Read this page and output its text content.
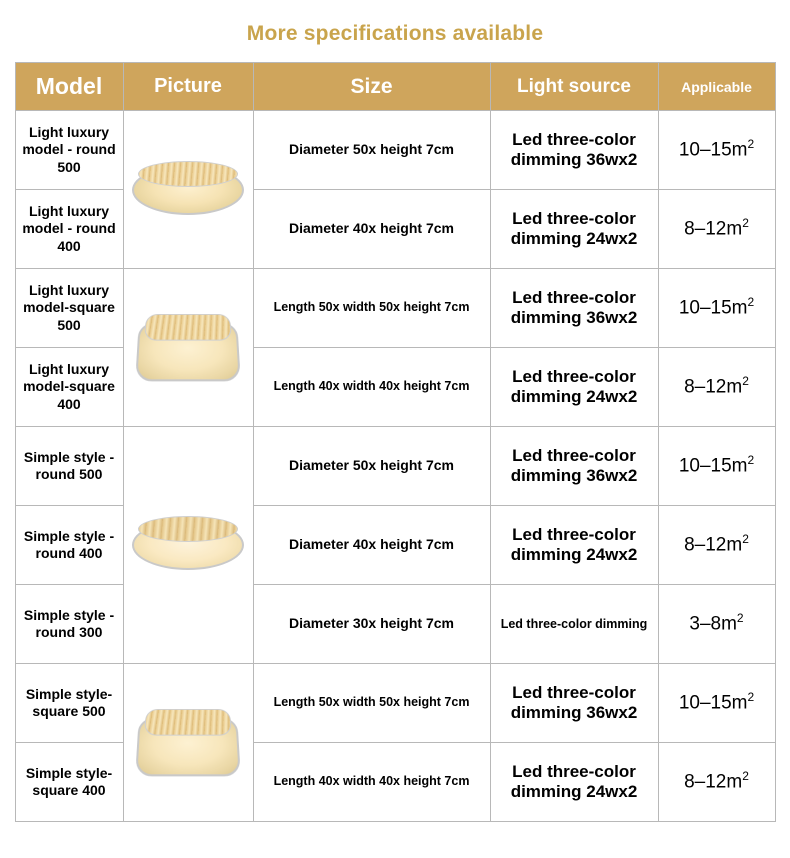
More specifications available
Model	Picture	Size	Light source	Applicable
Light luxury model - round 500		Diameter 50x height 7cm	Led three-color dimming 36wx2	$10-15m^2$
Light luxury model - round 400		Diameter 40x height 7cm	Led three-color dimming 24wx2	$8-12m^2$
Light luxury model-square 500		Length 50x width 50x height 7cm	Led three-color dimming 36wx2	$10-15m^2$
Light luxury model-square 400		Length 40x width 40x height 7cm	Led three-color dimming 24wx2	$8-12m^2$
Simple style - round 500		Diameter 50x height 7cm	Led three-color dimming 36wx2	$10-15m^2$
Simple style - round 400		Diameter 40x height 7cm	Led three-color dimming 24wx2	$8-12m^2$
Simple style - round 300		Diameter 30x height 7cm	Led three-color dimming	$3-8m^2$
Simple style-square 500		Length 50x width 50x height 7cm	Led three-color dimming 36wx2	$10-15m^2$
Simple style-square 400		Length 40x width 40x height 7cm	Led three-color dimming 24wx2	$8-12m^2$
